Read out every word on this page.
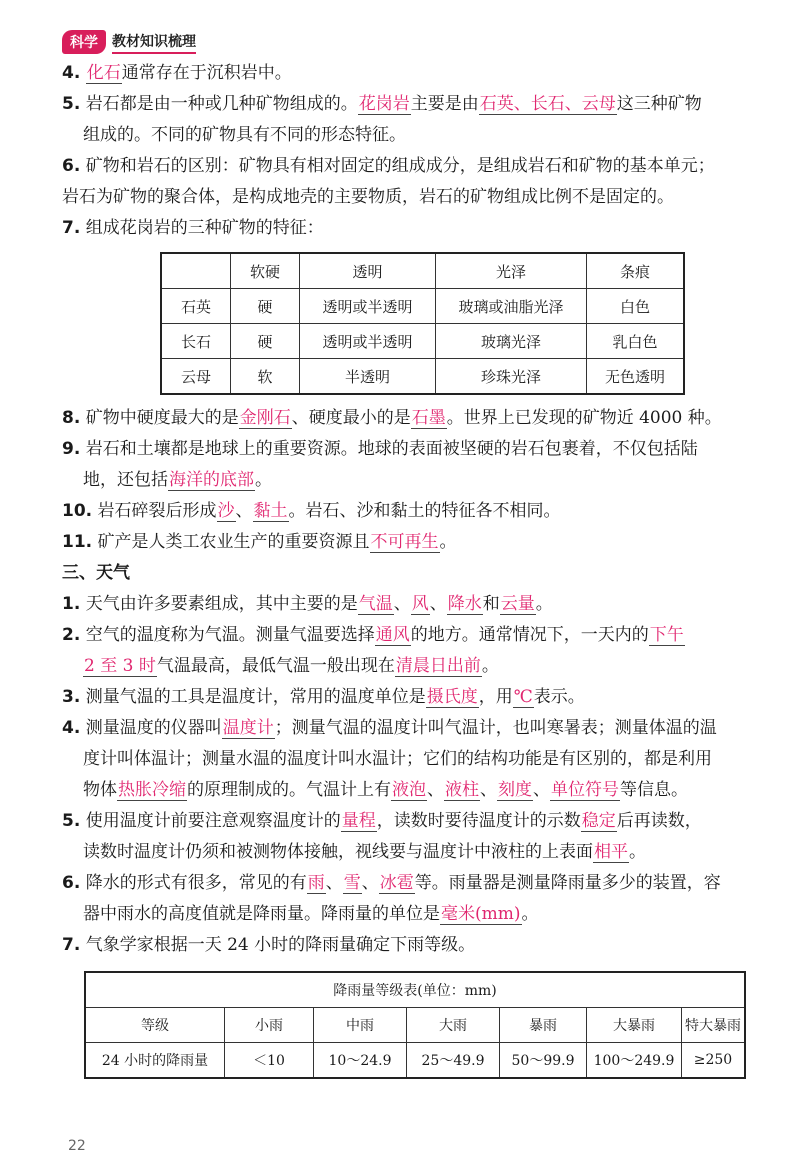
科学	教材知识梳理
4. 化石通常存在于沉积岩中。
5. 岩石都是由一种或几种矿物组成的。花岗岩主要是由石英、长石、云母这三种矿物
组成的。不同的矿物具有不同的形态特征。
6. 矿物和岩石的区别：矿物具有相对固定的组成成分，是组成岩石和矿物的基本单元；
岩石为矿物的聚合体，是构成地壳的主要物质，岩石的矿物组成比例不是固定的。
7. 组成花岗岩的三种矿物的特征：
	软硬	透明	光泽	条痕
石英	硬	透明或半透明	玻璃或油脂光泽	白色
长石	硬	透明或半透明	玻璃光泽	乳白色
云母	软	半透明	珍珠光泽	无色透明
8. 矿物中硬度最大的是金刚石、硬度最小的是石墨。世界上已发现的矿物近 4000 种。
9. 岩石和土壤都是地球上的重要资源。地球的表面被坚硬的岩石包裹着，不仅包括陆
地，还包括海洋的底部。
10. 岩石碎裂后形成沙、黏土。岩石、沙和黏土的特征各不相同。
11. 矿产是人类工农业生产的重要资源且不可再生。
三、天气
1. 天气由许多要素组成，其中主要的是气温、风、降水和云量。
2. 空气的温度称为气温。测量气温要选择通风的地方。通常情况下，一天内的下午
2 至 3 时气温最高，最低气温一般出现在清晨日出前。
3. 测量气温的工具是温度计，常用的温度单位是摄氏度，用℃表示。
4. 测量温度的仪器叫温度计；测量气温的温度计叫气温计，也叫寒暑表；测量体温的温
度计叫体温计；测量水温的温度计叫水温计；它们的结构功能是有区别的，都是利用
物体热胀冷缩的原理制成的。气温计上有液泡、液柱、刻度、单位符号等信息。
5. 使用温度计前要注意观察温度计的量程，读数时要待温度计的示数稳定后再读数，
读数时温度计仍须和被测物体接触，视线要与温度计中液柱的上表面相平。
6. 降水的形式有很多，常见的有雨、雪、冰雹等。雨量器是测量降雨量多少的装置，容
器中雨水的高度值就是降雨量。降雨量的单位是毫米(mm)。
7. 气象学家根据一天 24 小时的降雨量确定下雨等级。
降雨量等级表(单位：mm)						
等级	小雨	中雨	大雨	暴雨	大暴雨	特大暴雨
24 小时的降雨量	＜10	10～24.9	25～49.9	50～99.9	100～249.9	≥250
22
